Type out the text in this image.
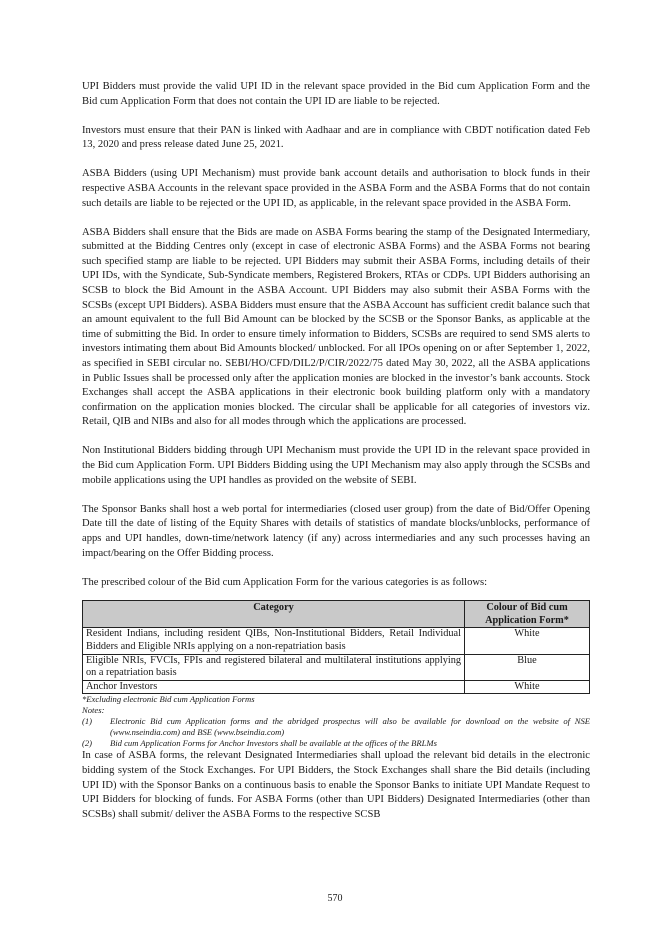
UPI Bidders must provide the valid UPI ID in the relevant space provided in the Bid cum Application Form and the Bid cum Application Form that does not contain the UPI ID are liable to be rejected.

Investors must ensure that their PAN is linked with Aadhaar and are in compliance with CBDT notification dated Feb 13, 2020 and press release dated June 25, 2021.

ASBA Bidders (using UPI Mechanism) must provide bank account details and authorisation to block funds in their respective ASBA Accounts in the relevant space provided in the ASBA Form and the ASBA Forms that do not contain such details are liable to be rejected or the UPI ID, as applicable, in the relevant space provided in the ASBA Form.

ASBA Bidders shall ensure that the Bids are made on ASBA Forms bearing the stamp of the Designated Intermediary, submitted at the Bidding Centres only (except in case of electronic ASBA Forms) and the ASBA Forms not bearing such specified stamp are liable to be rejected. UPI Bidders may submit their ASBA Forms, including details of their UPI IDs, with the Syndicate, Sub-Syndicate members, Registered Brokers, RTAs or CDPs. UPI Bidders authorising an SCSB to block the Bid Amount in the ASBA Account. UPI Bidders may also submit their ASBA Forms with the SCSBs (except UPI Bidders). ASBA Bidders must ensure that the ASBA Account has sufficient credit balance such that an amount equivalent to the full Bid Amount can be blocked by the SCSB or the Sponsor Banks, as applicable at the time of submitting the Bid. In order to ensure timely information to Bidders, SCSBs are required to send SMS alerts to investors intimating them about Bid Amounts blocked/ unblocked. For all IPOs opening on or after September 1, 2022, as specified in SEBI circular no. SEBI/HO/CFD/DIL2/P/CIR/2022/75 dated May 30, 2022, all the ASBA applications in Public Issues shall be processed only after the application monies are blocked in the investor’s bank accounts. Stock Exchanges shall accept the ASBA applications in their electronic book building platform only with a mandatory confirmation on the application monies blocked. The circular shall be applicable for all categories of investors viz. Retail, QIB and NIBs and also for all modes through which the applications are processed.

Non Institutional Bidders bidding through UPI Mechanism must provide the UPI ID in the relevant space provided in the Bid cum Application Form. UPI Bidders Bidding using the UPI Mechanism may also apply through the SCSBs and mobile applications using the UPI handles as provided on the website of SEBI.

The Sponsor Banks shall host a web portal for intermediaries (closed user group) from the date of Bid/Offer Opening Date till the date of listing of the Equity Shares with details of statistics of mandate blocks/unblocks, performance of apps and UPI handles, down-time/network latency (if any) across intermediaries and any such processes having an impact/bearing on the Offer Bidding process.

The prescribed colour of the Bid cum Application Form for the various categories is as follows:

Category	Colour of Bid cum Application Form*
Resident Indians, including resident QIBs, Non-Institutional Bidders, Retail Individual Bidders and Eligible NRIs applying on a non-repatriation basis	White
Eligible NRIs, FVCIs, FPIs and registered bilateral and multilateral institutions applying on a repatriation basis	Blue
Anchor Investors	White
*Excluding electronic Bid cum Application Forms
Notes:
(1)	Electronic Bid cum Application forms and the abridged prospectus will also be available for download on the website of NSE (www.nseindia.com) and BSE (www.bseindia.com)
(2)	Bid cum Application Forms for Anchor Investors shall be available at the offices of the BRLMs

In case of ASBA forms, the relevant Designated Intermediaries shall upload the relevant bid details in the electronic bidding system of the Stock Exchanges. For UPI Bidders, the Stock Exchanges shall share the Bid details (including UPI ID) with the Sponsor Banks on a continuous basis to enable the Sponsor Banks to initiate UPI Mandate Request to UPI Bidders for blocking of funds. For ASBA Forms (other than UPI Bidders) Designated Intermediaries (other than SCSBs) shall submit/ deliver the ASBA Forms to the respective SCSB

570
